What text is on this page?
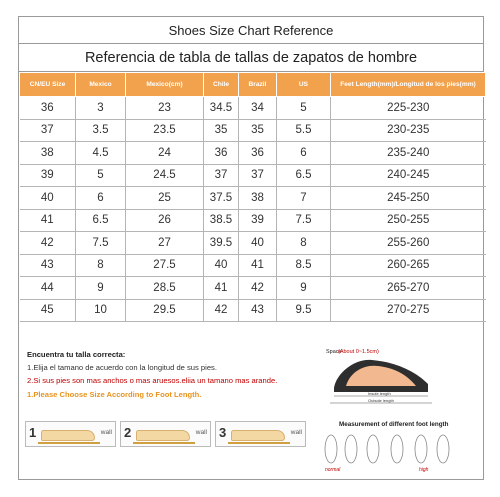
Shoes Size Chart Reference
Referencia de tabla de tallas de zapatos de hombre
CN/EU Size	Mexico	Mexico(cm)	Chile	Brazil	US	Feet Length(mm)/Longitud de los pies(mm)
36	3	23	34.5	34	5	225-230
37	3.5	23.5	35	35	5.5	230-235
38	4.5	24	36	36	6	235-240
39	5	24.5	37	37	6.5	240-245
40	6	25	37.5	38	7	245-250
41	6.5	26	38.5	39	7.5	250-255
42	7.5	27	39.5	40	8	255-260
43	8	27.5	40	41	8.5	260-265
44	9	28.5	41	42	9	265-270
45	10	29.5	42	43	9.5	270-275
Encuentra tu talla correcta:
1.Elija el tamano de acuerdo con la longitud de sus pies.
2.Si sus pies son mas anchos o mas aruesos.eliia un tamano mas arande.
1.Please Choose Size According to Foot Length.
1	wall 2	wall 3	wall
Space
(About 0~1.5cm)
Insole length
Outsole length
Measurement of different foot length
normal	high
